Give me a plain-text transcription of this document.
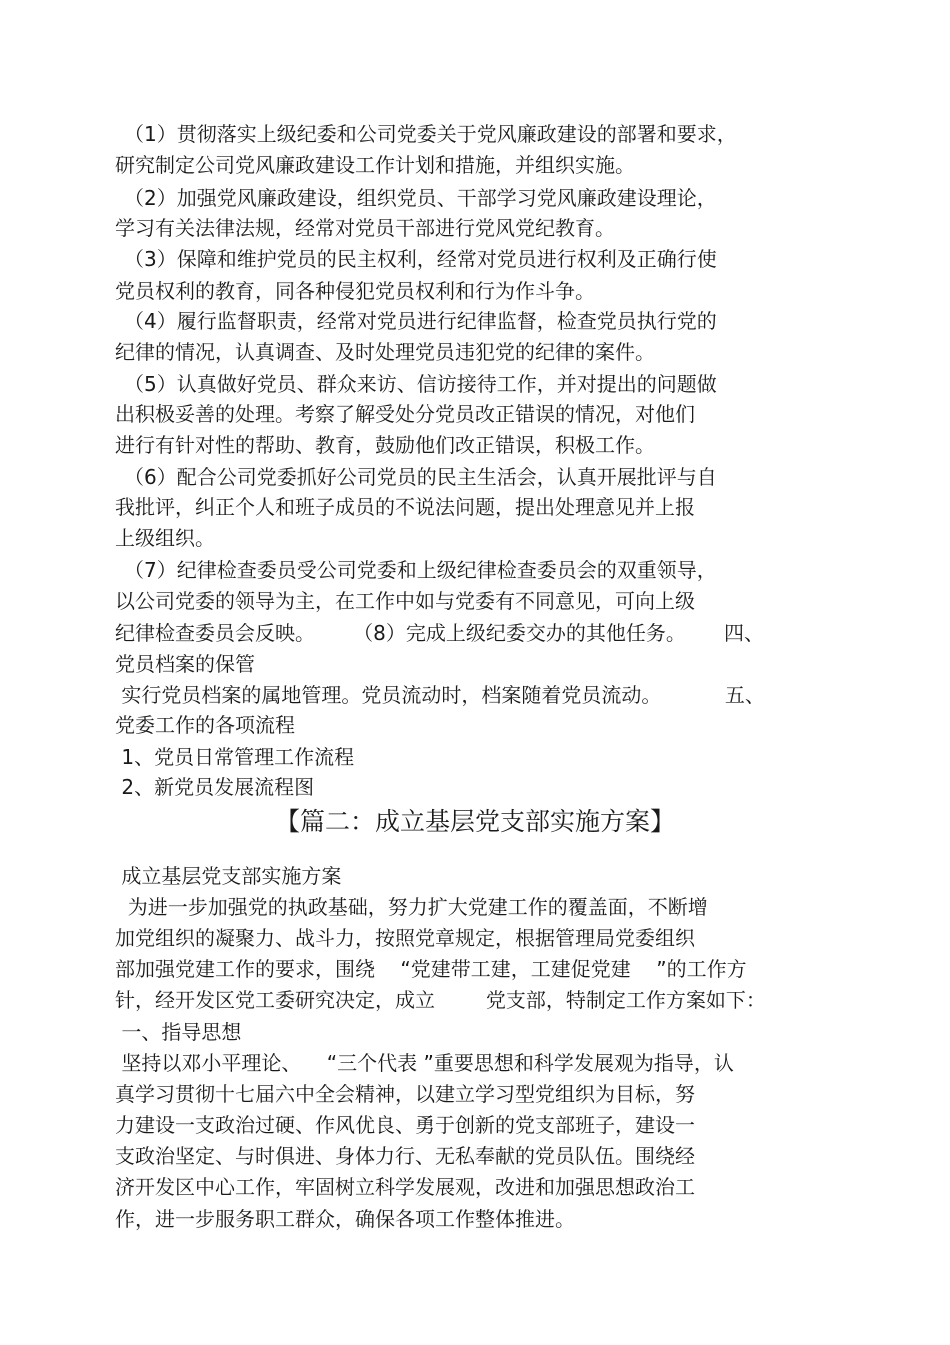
（1）贯彻落实上级纪委和公司党委关于党风廉政建设的部署和要求，
研究制定公司党风廉政建设工作计划和措施，并组织实施。
（2）加强党风廉政建设，组织党员、干部学习党风廉政建设理论，
学习有关法律法规，经常对党员干部进行党风党纪教育。
（3）保障和维护党员的民主权利，经常对党员进行权利及正确行使
党员权利的教育，同各种侵犯党员权利和行为作斗争。
（4）履行监督职责，经常对党员进行纪律监督，检查党员执行党的
纪律的情况，认真调查、及时处理党员违犯党的纪律的案件。
（5）认真做好党员、群众来访、信访接待工作，并对提出的问题做
出积极妥善的处理。考察了解受处分党员改正错误的情况，对他们
进行有针对性的帮助、教育，鼓励他们改正错误，积极工作。
（6）配合公司党委抓好公司党员的民主生活会，认真开展批评与自
我批评，纠正个人和班子成员的不说法问题，提出处理意见并上报
上级组织。
（7）纪律检查委员受公司党委和上级纪律检查委员会的双重领导，
以公司党委的领导为主，在工作中如与党委有不同意见，可向上级
纪律检查委员会反映。      （8）完成上级纪委交办的其他任务。      四、
党员档案的保管
实行党员档案的属地管理。党员流动时，档案随着党员流动。          五、
党委工作的各项流程
1、党员日常管理工作流程
2、新党员发展流程图
【篇二：成立基层党支部实施方案】
成立基层党支部实施方案
为进一步加强党的执政基础，努力扩大党建工作的覆盖面，不断增
加党组织的凝聚力、战斗力，按照党章规定，根据管理局党委组织
部加强党建工作的要求，围绕    “党建带工建，工建促党建    ”的工作方
针，经开发区党工委研究决定，成立        党支部，特制定工作方案如下：
一、指导思想
坚持以邓小平理论、    “三个代表 ”重要思想和科学发展观为指导，认
真学习贯彻十七届六中全会精神，以建立学习型党组织为目标，努
力建设一支政治过硬、作风优良、勇于创新的党支部班子，建设一
支政治坚定、与时俱进、身体力行、无私奉献的党员队伍。围绕经
济开发区中心工作，牢固树立科学发展观，改进和加强思想政治工
作，进一步服务职工群众，确保各项工作整体推进。
